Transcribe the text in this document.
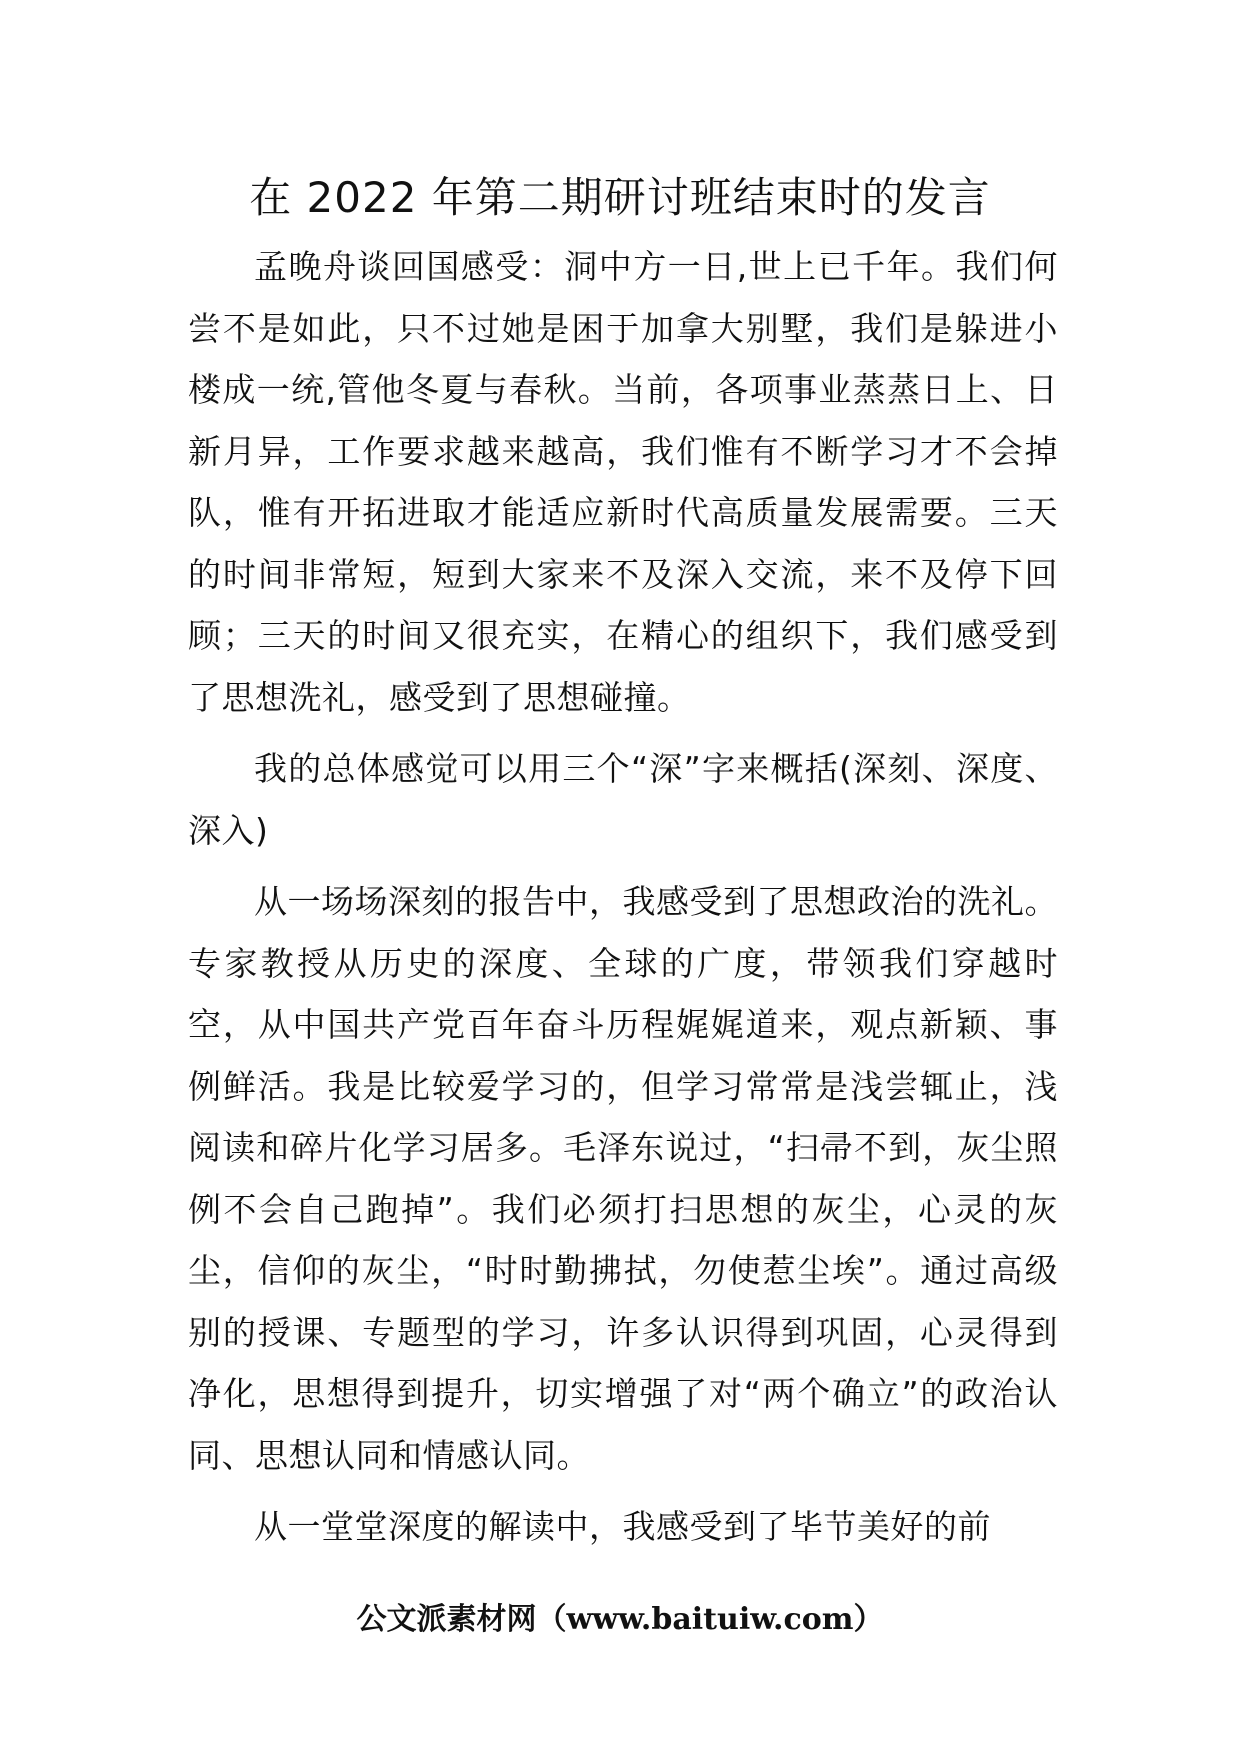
在 2022 年第二期研讨班结束时的发言

孟晚舟谈回国感受：洞中方一日,世上已千年。我们何尝不是如此，只不过她是困于加拿大别墅，我们是躲进小楼成一统,管他冬夏与春秋。当前，各项事业蒸蒸日上、日新月异，工作要求越来越高，我们惟有不断学习才不会掉队，惟有开拓进取才能适应新时代高质量发展需要。三天的时间非常短，短到大家来不及深入交流，来不及停下回顾；三天的时间又很充实，在精心的组织下，我们感受到了思想洗礼，感受到了思想碰撞。

我的总体感觉可以用三个“深”字来概括(深刻、深度、深入)

从一场场深刻的报告中，我感受到了思想政治的洗礼。专家教授从历史的深度、全球的广度，带领我们穿越时空，从中国共产党百年奋斗历程娓娓道来，观点新颖、事例鲜活。我是比较爱学习的，但学习常常是浅尝辄止，浅阅读和碎片化学习居多。毛泽东说过，“扫帚不到，灰尘照例不会自己跑掉”。我们必须打扫思想的灰尘，心灵的灰尘，信仰的灰尘，“时时勤拂拭，勿使惹尘埃”。通过高级别的授课、专题型的学习，许多认识得到巩固，心灵得到净化，思想得到提升，切实增强了对“两个确立”的政治认同、思想认同和情感认同。

从一堂堂深度的解读中，我感受到了毕节美好的前

公文派素材网（www.baituiw.com）
